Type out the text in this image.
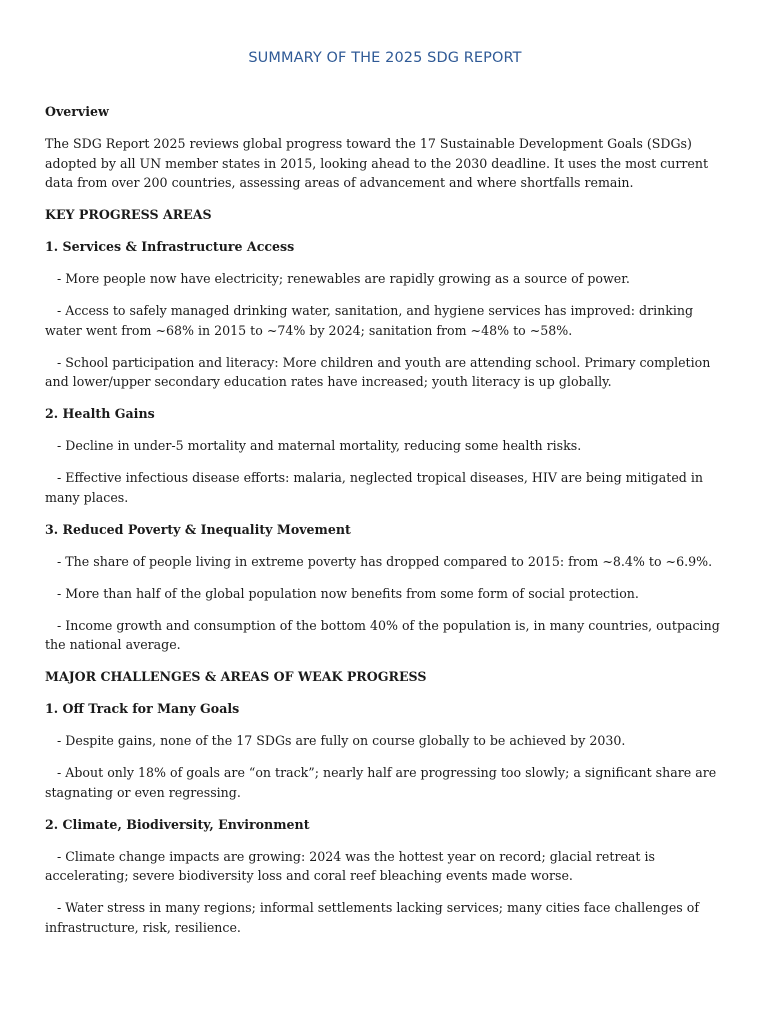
SUMMARY OF THE 2025 SDG REPORT

Overview

The SDG Report 2025 reviews global progress toward the 17 Sustainable Development Goals (SDGs) adopted by all UN member states in 2015, looking ahead to the 2030 deadline. It uses the most current data from over 200 countries, assessing areas of advancement and where shortfalls remain.

KEY PROGRESS AREAS

1. Services & Infrastructure Access

- More people now have electricity; renewables are rapidly growing as a source of power.

- Access to safely managed drinking water, sanitation, and hygiene services has improved: drinking water went from ~68% in 2015 to ~74% by 2024; sanitation from ~48% to ~58%.

- School participation and literacy: More children and youth are attending school. Primary completion and lower/upper secondary education rates have increased; youth literacy is up globally.

2. Health Gains

- Decline in under-5 mortality and maternal mortality, reducing some health risks.

- Effective infectious disease efforts: malaria, neglected tropical diseases, HIV are being mitigated in many places.

3. Reduced Poverty & Inequality Movement

- The share of people living in extreme poverty has dropped compared to 2015: from ~8.4% to ~6.9%.

- More than half of the global population now benefits from some form of social protection.

- Income growth and consumption of the bottom 40% of the population is, in many countries, outpacing the national average.

MAJOR CHALLENGES & AREAS OF WEAK PROGRESS

1. Off Track for Many Goals

- Despite gains, none of the 17 SDGs are fully on course globally to be achieved by 2030.

- About only 18% of goals are “on track”; nearly half are progressing too slowly; a significant share are stagnating or even regressing.

2. Climate, Biodiversity, Environment

- Climate change impacts are growing: 2024 was the hottest year on record; glacial retreat is accelerating; severe biodiversity loss and coral reef bleaching events made worse.

- Water stress in many regions; informal settlements lacking services; many cities face challenges of infrastructure, risk, resilience.
